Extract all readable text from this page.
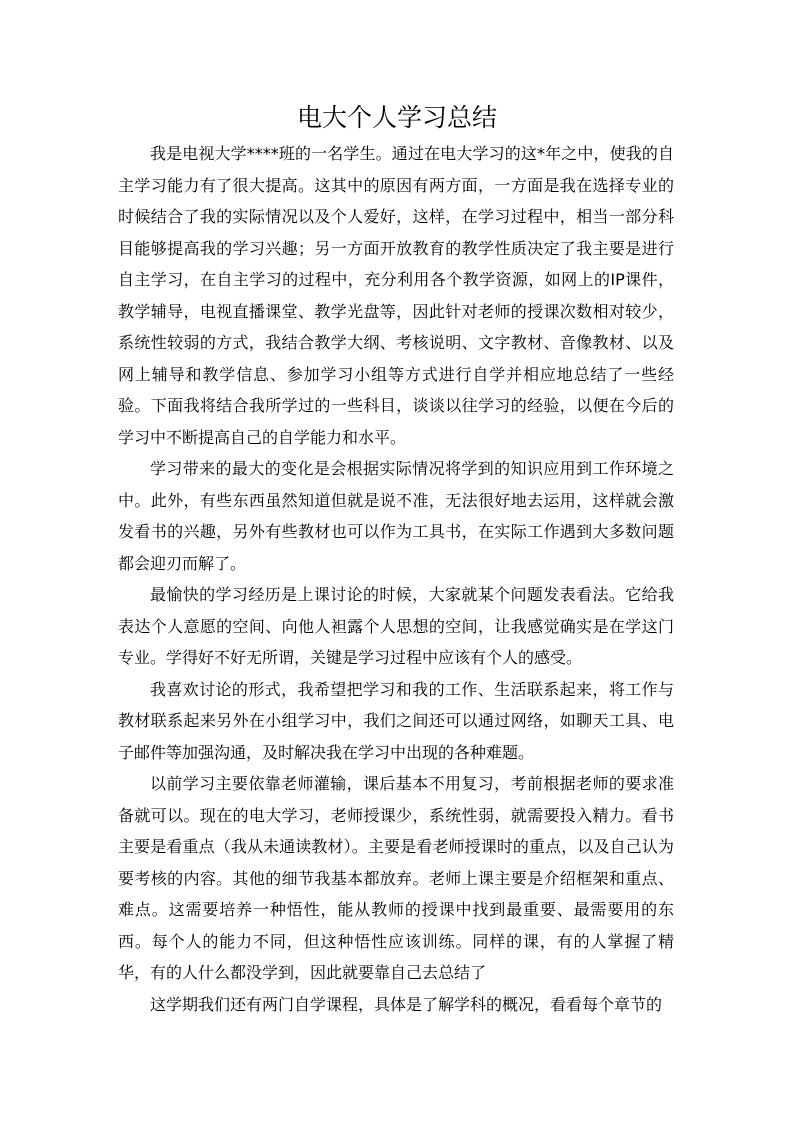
电大个人学习总结

我是电视大学****班的一名学生。通过在电大学习的这*年之中，使我的自主学习能力有了很大提高。这其中的原因有两方面，一方面是我在选择专业的时候结合了我的实际情况以及个人爱好，这样，在学习过程中，相当一部分科目能够提高我的学习兴趣；另一方面开放教育的教学性质决定了我主要是进行自主学习，在自主学习的过程中，充分利用各个教学资源，如网上的IP课件，教学辅导，电视直播课堂、教学光盘等，因此针对老师的授课次数相对较少，系统性较弱的方式，我结合教学大纲、考核说明、文字教材、音像教材、以及网上辅导和教学信息、参加学习小组等方式进行自学并相应地总结了一些经验。下面我将结合我所学过的一些科目，谈谈以往学习的经验，以便在今后的学习中不断提高自己的自学能力和水平。

学习带来的最大的变化是会根据实际情况将学到的知识应用到工作环境之中。此外，有些东西虽然知道但就是说不准，无法很好地去运用，这样就会激发看书的兴趣，另外有些教材也可以作为工具书，在实际工作遇到大多数问题都会迎刃而解了。

最愉快的学习经历是上课讨论的时候，大家就某个问题发表看法。它给我表达个人意愿的空间、向他人袒露个人思想的空间，让我感觉确实是在学这门专业。学得好不好无所谓，关键是学习过程中应该有个人的感受。

我喜欢讨论的形式，我希望把学习和我的工作、生活联系起来，将工作与教材联系起来另外在小组学习中，我们之间还可以通过网络，如聊天工具、电子邮件等加强沟通，及时解决我在学习中出现的各种难题。

以前学习主要依靠老师灌输，课后基本不用复习，考前根据老师的要求准备就可以。现在的电大学习，老师授课少，系统性弱，就需要投入精力。看书主要是看重点（我从未通读教材）。主要是看老师授课时的重点，以及自己认为要考核的内容。其他的细节我基本都放弃。老师上课主要是介绍框架和重点、难点。这需要培养一种悟性，能从教师的授课中找到最重要、最需要用的东西。每个人的能力不同，但这种悟性应该训练。同样的课，有的人掌握了精华，有的人什么都没学到，因此就要靠自己去总结了

这学期我们还有两门自学课程，具体是了解学科的概况，看看每个章节的
